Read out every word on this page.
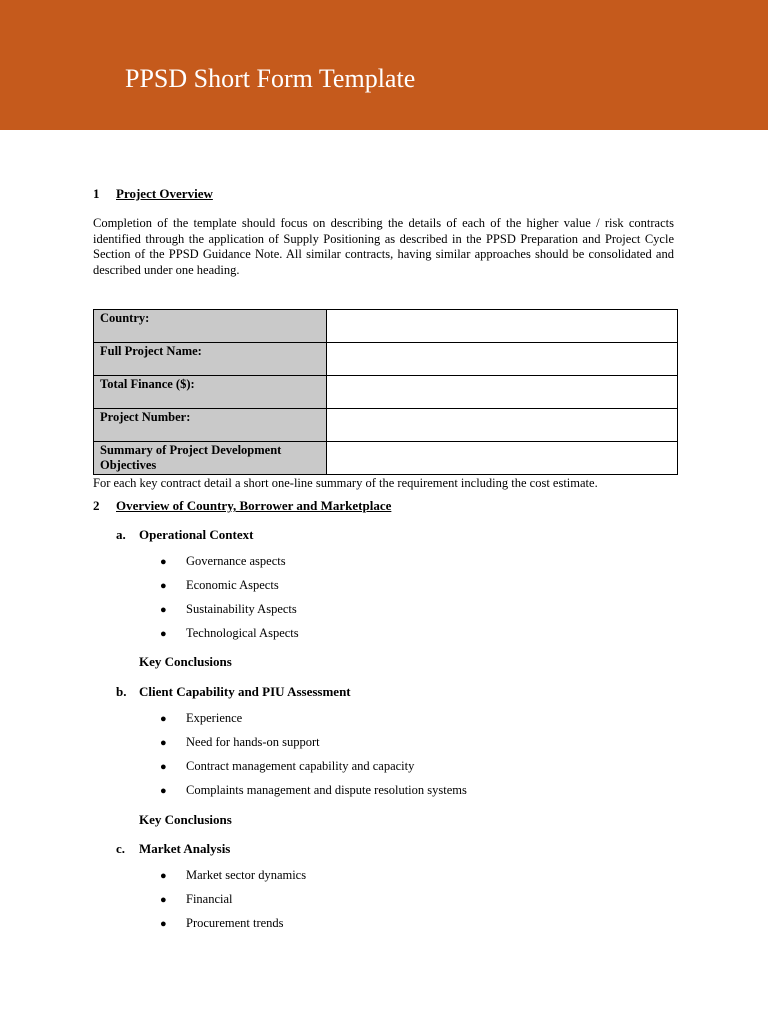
PPSD Short Form Template
1 Project Overview
Completion of the template should focus on describing the details of each of the higher value / risk contracts identified through the application of Supply Positioning as described in the PPSD Preparation and Project Cycle Section of the PPSD Guidance Note. All similar contracts, having similar approaches should be consolidated and described under one heading.
Country:	
Full Project Name:	
Total Finance ($):	
Project Number:	
Summary of Project Development Objectives	
For each key contract detail a short one-line summary of the requirement including the cost estimate.
2 Overview of Country, Borrower and Marketplace
a. Operational Context
● Governance aspects
● Economic Aspects
● Sustainability Aspects
● Technological Aspects
Key Conclusions
b. Client Capability and PIU Assessment
● Experience
● Need for hands-on support
● Contract management capability and capacity
● Complaints management and dispute resolution systems
Key Conclusions
c. Market Analysis
● Market sector dynamics
● Financial
● Procurement trends
